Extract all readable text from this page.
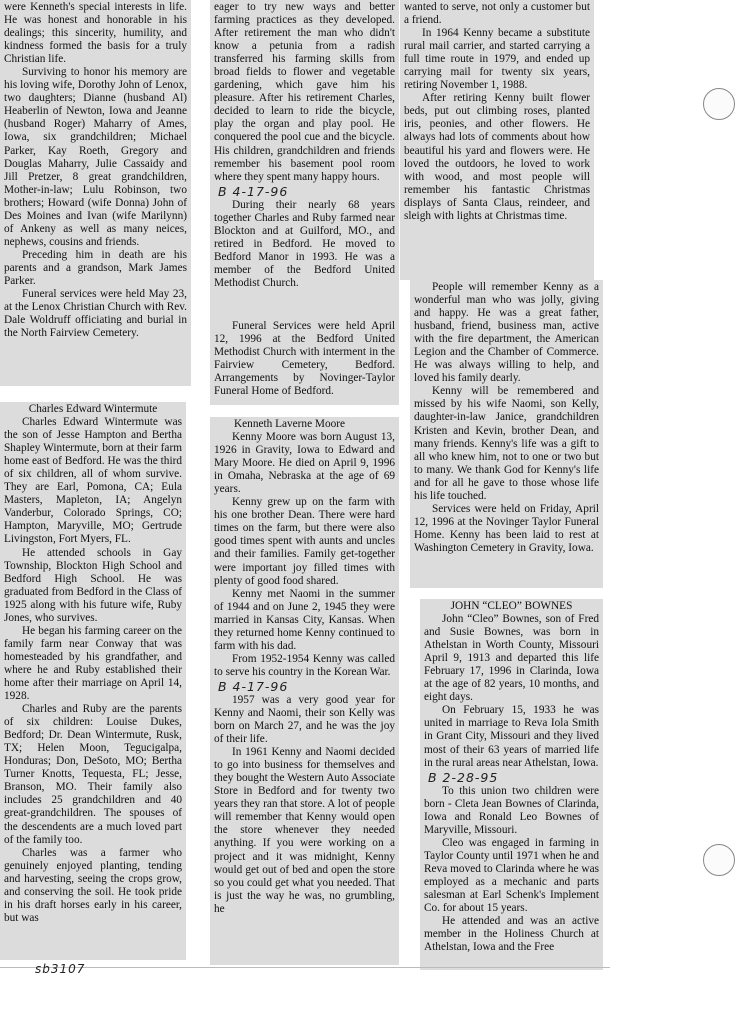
were Kenneth's special interests in life. He was honest and honorable in his dealings; this sincerity, humility, and kindness formed the basis for a truly Christian life.

Surviving to honor his memory are his loving wife, Dorothy John of Lenox, two daughters; Dianne (husband Al) Heaberlin of Newton, Iowa and Jeanne (husband Roger) Maharry of Ames, Iowa, six grandchildren; Michael Parker, Kay Roeth, Gregory and Douglas Maharry, Julie Cassaidy and Jill Pretzer, 8 great grandchildren, Mother-in-law; Lulu Robinson, two brothers; Howard (wife Donna) John of Des Moines and Ivan (wife Marilynn) of Ankeny as well as many neices, nephews, cousins and friends.

Preceding him in death are his parents and a grandson, Mark James Parker.

Funeral services were held May 23, at the Lenox Christian Church with Rev. Dale Woldruff officiating and burial in the North Fairview Cemetery.

Charles Edward Wintermute

Charles Edward Wintermute was the son of Jesse Hampton and Bertha Shapley Wintermute, born at their farm home east of Bedford. He was the third of six children, all of whom survive. They are Earl, Pomona, CA; Eula Masters, Mapleton, IA; Angelyn Vanderbur, Colorado Springs, CO; Hampton, Maryville, MO; Gertrude Livingston, Fort Myers, FL.

He attended schools in Gay Township, Blockton High School and Bedford High School. He was graduated from Bedford in the Class of 1925 along with his future wife, Ruby Jones, who survives.

He began his farming career on the family farm near Conway that was homesteaded by his grandfather, and where he and Ruby established their home after their marriage on April 14, 1928.

Charles and Ruby are the parents of six children: Louise Dukes, Bedford; Dr. Dean Wintermute, Rusk, TX; Helen Moon, Tegucigalpa, Honduras; Don, DeSoto, MO; Bertha Turner Knotts, Tequesta, FL; Jesse, Branson, MO. Their family also includes 25 grandchildren and 40 great-grandchildren. The spouses of the descendents are a much loved part of the family too.

Charles was a farmer who genuinely enjoyed planting, tending and harvesting, seeing the crops grow, and conserving the soil. He took pride in his draft horses early in his career, but was

eager to try new ways and better farming practices as they developed. After retirement the man who didn't know a petunia from a radish transferred his farming skills from broad fields to flower and vegetable gardening, which gave him his pleasure. After his retirement Charles, decided to learn to ride the bicycle, play the organ and play pool. He conquered the pool cue and the bicycle. His children, grandchildren and friends remember his basement pool room where they spent many happy hours.

B 4-17-96

During their nearly 68 years together Charles and Ruby farmed near Blockton and at Guilford, MO., and retired in Bedford. He moved to Bedford Manor in 1993. He was a member of the Bedford United Methodist Church.

Funeral Services were held April 12, 1996 at the Bedford United Methodist Church with interment in the Fairview Cemetery, Bedford. Arrangements by Novinger-Taylor Funeral Home of Bedford.

Kenneth Laverne Moore

Kenny Moore was born August 13, 1926 in Gravity, Iowa to Edward and Mary Moore. He died on April 9, 1996 in Omaha, Nebraska at the age of 69 years.

Kenny grew up on the farm with his one brother Dean. There were hard times on the farm, but there were also good times spent with aunts and uncles and their families. Family get-together were important joy filled times with plenty of good food shared.

Kenny met Naomi in the summer of 1944 and on June 2, 1945 they were married in Kansas City, Kansas. When they returned home Kenny continued to farm with his dad.

From 1952-1954 Kenny was called to serve his country in the Korean War.

B 4-17-96

1957 was a very good year for Kenny and Naomi, their son Kelly was born on March 27, and he was the joy of their life.

In 1961 Kenny and Naomi decided to go into business for themselves and they bought the Western Auto Associate Store in Bedford and for twenty two years they ran that store. A lot of people will remember that Kenny would open the store whenever they needed anything. If you were working on a project and it was midnight, Kenny would get out of bed and open the store so you could get what you needed. That is just the way he was, no grumbling, he

wanted to serve, not only a customer but a friend.

In 1964 Kenny became a substitute rural mail carrier, and started carrying a full time route in 1979, and ended up carrying mail for twenty six years, retiring November 1, 1988.

After retiring Kenny built flower beds, put out climbing roses, planted iris, peonies, and other flowers. He always had lots of comments about how beautiful his yard and flowers were. He loved the outdoors, he loved to work with wood, and most people will remember his fantastic Christmas displays of Santa Claus, reindeer, and sleigh with lights at Christmas time.

People will remember Kenny as a wonderful man who was jolly, giving and happy. He was a great father, husband, friend, business man, active with the fire department, the American Legion and the Chamber of Commerce. He was always willing to help, and loved his family dearly.

Kenny will be remembered and missed by his wife Naomi, son Kelly, daughter-in-law Janice, grandchildren Kristen and Kevin, brother Dean, and many friends. Kenny's life was a gift to all who knew him, not to one or two but to many. We thank God for Kenny's life and for all he gave to those whose life his life touched.

Services were held on Friday, April 12, 1996 at the Novinger Taylor Funeral Home. Kenny has been laid to rest at Washington Cemetery in Gravity, Iowa.

JOHN “CLEO” BOWNES

John “Cleo” Bownes, son of Fred and Susie Bownes, was born in Athelstan in Worth County, Missouri April 9, 1913 and departed this life February 17, 1996 in Clarinda, Iowa at the age of 82 years, 10 months, and eight days.

On February 15, 1933 he was united in marriage to Reva Iola Smith in Grant City, Missouri and they lived most of their 63 years of married life in the rural areas near Athelstan, Iowa.

B 2-28-95

To this union two children were born - Cleta Jean Bownes of Clarinda, Iowa and Ronald Leo Bownes of Maryville, Missouri.

Cleo was engaged in farming in Taylor County until 1971 when he and Reva moved to Clarinda where he was employed as a mechanic and parts salesman at Earl Schenk's Implement Co. for about 15 years.

He attended and was an active member in the Holiness Church at Athelstan, Iowa and the Free

sb3107
